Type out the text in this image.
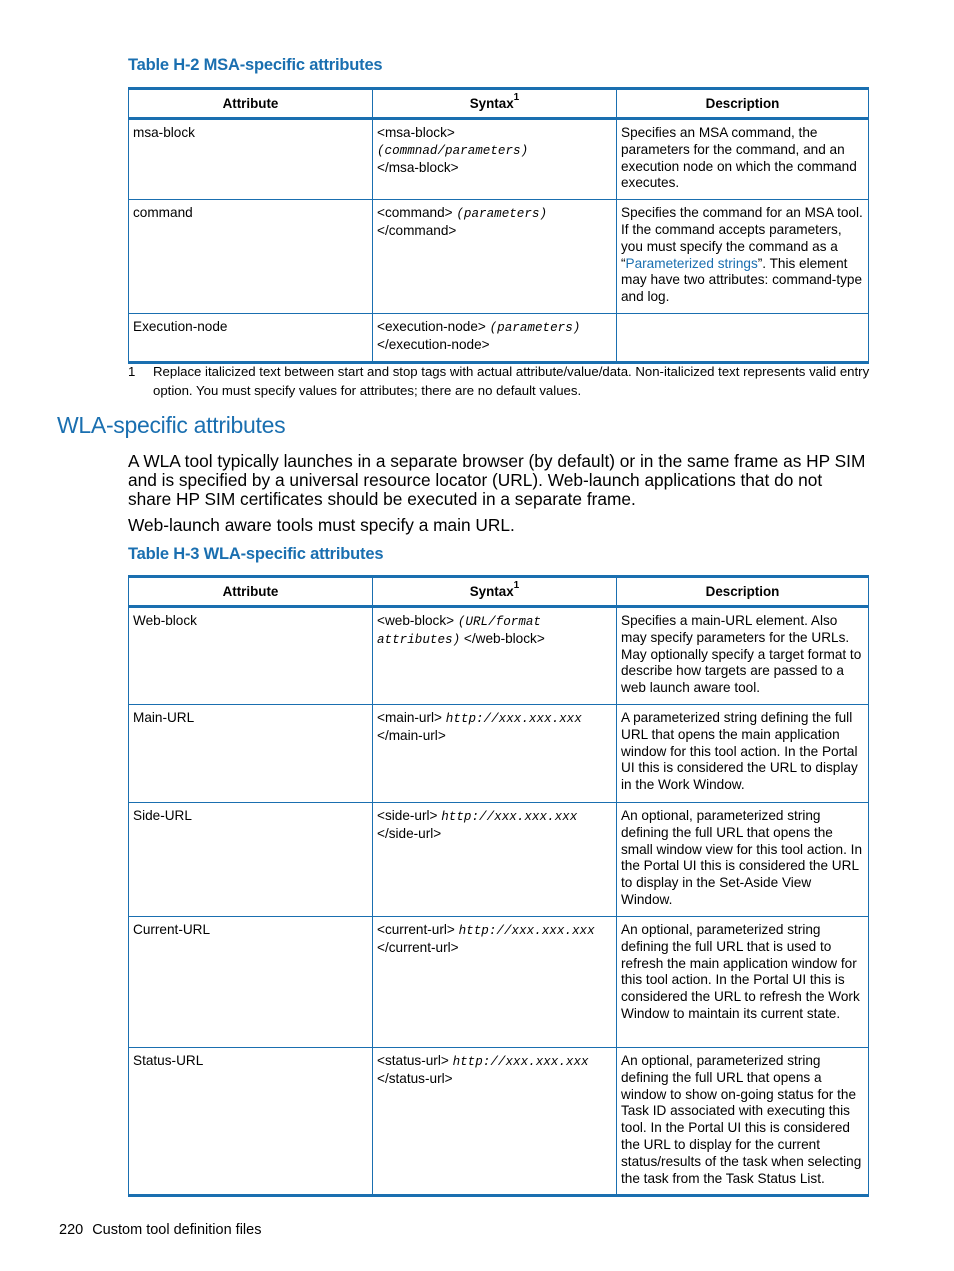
Table H-2 MSA-specific attributes
Attribute	Syntax$^1$	Description
msa-block	<msa-block>
(commnad/parameters)
</msa-block>	Specifies an MSA command, the parameters for the command, and an execution node on which the command executes.
command	<command> (parameters)
</command>	Specifies the command for an MSA tool. If the command accepts parameters, you must specify the command as a “Parameterized strings”. This element may have two attributes: command-type and log.
Execution-node	<execution-node> (parameters)
</execution-node>	
1 Replace italicized text between start and stop tags with actual attribute/value/data. Non-italicized text represents valid entry option. You must specify values for attributes; there are no default values.
WLA-specific attributes

A WLA tool typically launches in a separate browser (by default) or in the same frame as HP SIM and is specified by a universal resource locator (URL). Web-launch applications that do not share HP SIM certificates should be executed in a separate frame.

Web-launch aware tools must specify a main URL.

Table H-3 WLA-specific attributes
Attribute	Syntax$^1$	Description
Web-block	<web-block> (URL/format attributes) </web-block>	Specifies a main-URL element. Also may specify parameters for the URLs. May optionally specify a target format to describe how targets are passed to a web launch aware tool.
Main-URL	<main-url> http://xxx.xxx.xxx
</main-url>	A parameterized string defining the full URL that opens the main application window for this tool action. In the Portal UI this is considered the URL to display in the Work Window.
Side-URL	<side-url> http://xxx.xxx.xxx
</side-url>	An optional, parameterized string defining the full URL that opens the small window view for this tool action. In the Portal UI this is considered the URL to display in the Set-Aside View Window.
Current-URL	<current-url> http://xxx.xxx.xxx
</current-url>	An optional, parameterized string defining the full URL that is used to refresh the main application window for this tool action. In the Portal UI this is considered the URL to refresh the Work Window to maintain its current state.
Status-URL	<status-url> http://xxx.xxx.xxx
</status-url>	An optional, parameterized string defining the full URL that opens a window to show on-going status for the Task ID associated with executing this tool. In the Portal UI this is considered the URL to display for the current status/results of the task when selecting the task from the Task Status List.
220 Custom tool definition files
